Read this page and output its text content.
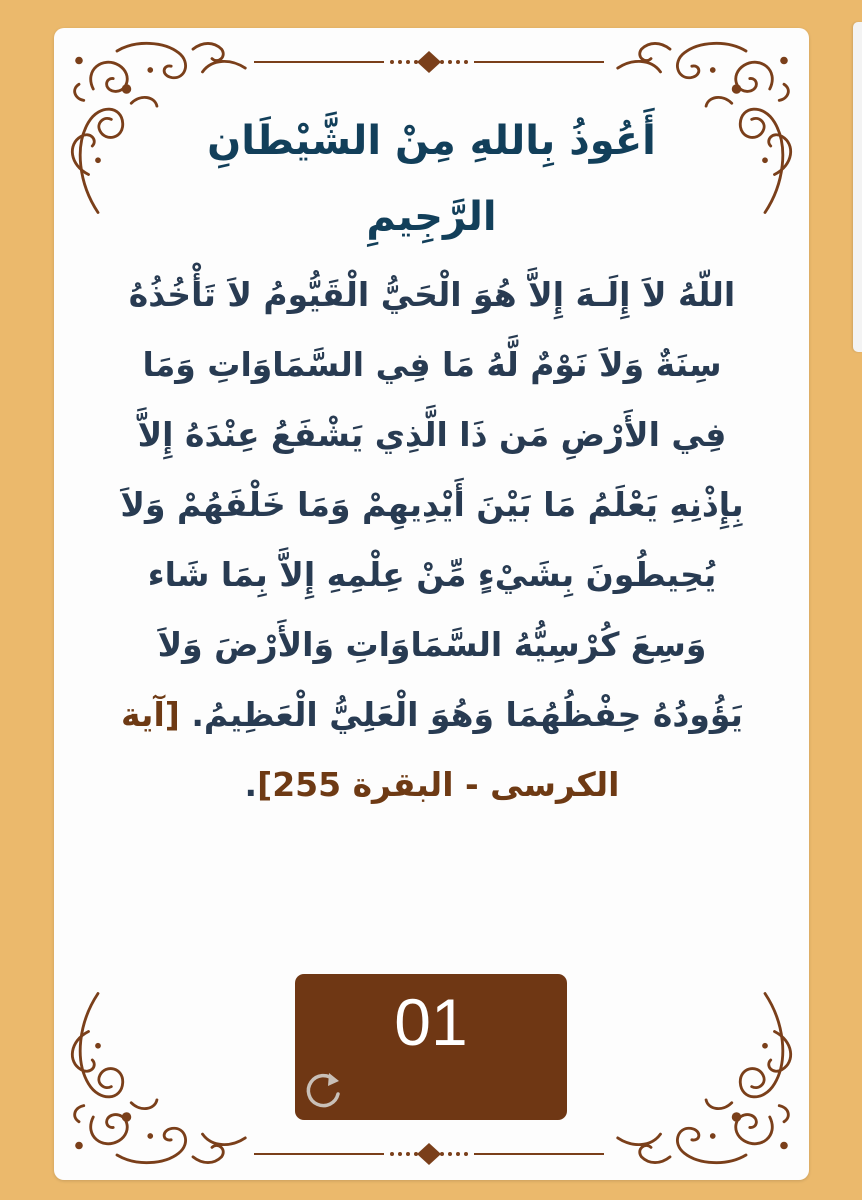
أَعُوذُ بِاللهِ مِنْ الشَّيْطَانِ الرَّجِيمِ

اللّهُ لاَ إِلَـهَ إِلاَّ هُوَ الْحَيُّ الْقَيُّومُ لاَ تَأْخُذُهُ سِنَةٌ وَلاَ نَوْمٌ لَّهُ مَا فِي السَّمَاوَاتِ وَمَا فِي الأَرْضِ مَن ذَا الَّذِي يَشْفَعُ عِنْدَهُ إِلاَّ بِإِذْنِهِ يَعْلَمُ مَا بَيْنَ أَيْدِيهِمْ وَمَا خَلْفَهُمْ وَلاَ يُحِيطُونَ بِشَيْءٍ مِّنْ عِلْمِهِ إِلاَّ بِمَا شَاء وَسِعَ كُرْسِيُّهُ السَّمَاوَاتِ وَالأَرْضَ وَلاَ يَؤُودُهُ حِفْظُهُمَا وَهُوَ الْعَلِيُّ الْعَظِيمُ. [آية الكرسى - البقرة 255].

01
